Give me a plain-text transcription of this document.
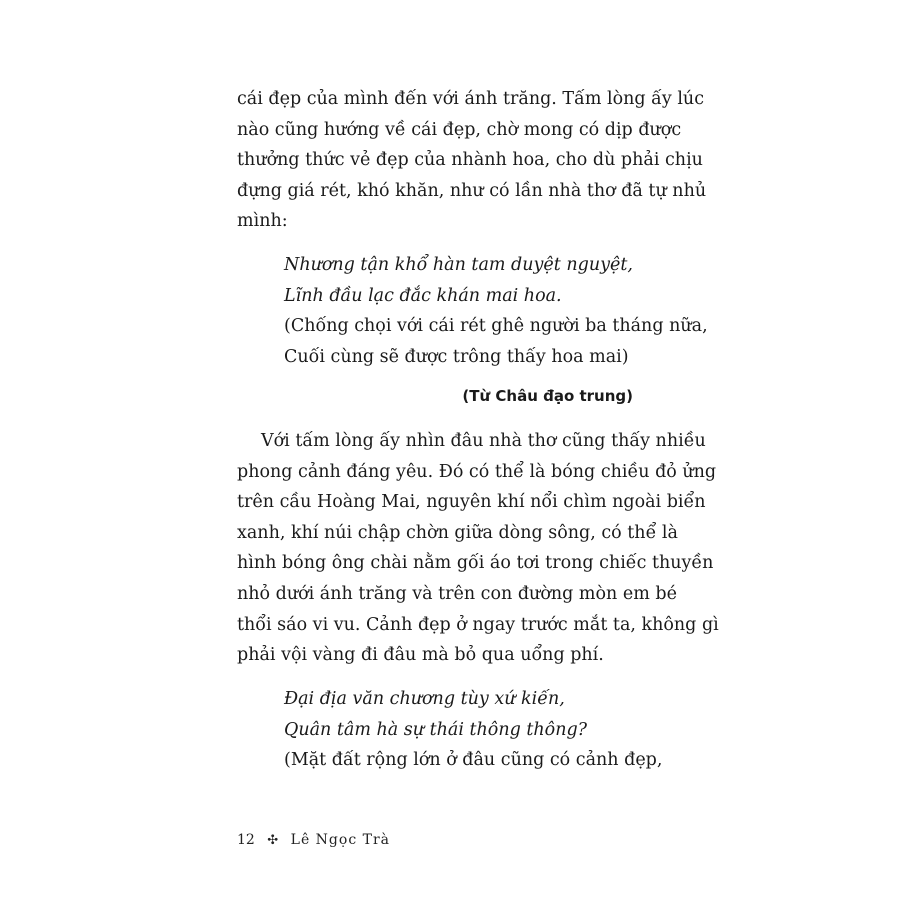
cái đẹp của mình đến với ánh trăng. Tấm lòng ấy lúc
nào cũng hướng về cái đẹp, chờ mong có dịp được
thưởng thức vẻ đẹp của nhành hoa, cho dù phải chịu
đựng giá rét, khó khăn, như có lần nhà thơ đã tự nhủ
mình:
Nhương tận khổ hàn tam duyệt nguyệt,
Lĩnh đầu lạc đắc khán mai hoa.
(Chống chọi với cái rét ghê người ba tháng nữa,
Cuối cùng sẽ được trông thấy hoa mai)
(Từ Châu đạo trung)
Với tấm lòng ấy nhìn đâu nhà thơ cũng thấy nhiều
phong cảnh đáng yêu. Đó có thể là bóng chiều đỏ ửng
trên cầu Hoàng Mai, nguyên khí nổi chìm ngoài biển
xanh, khí núi chập chờn giữa dòng sông, có thể là
hình bóng ông chài nằm gối áo tơi trong chiếc thuyền
nhỏ dưới ánh trăng và trên con đường mòn em bé
thổi sáo vi vu. Cảnh đẹp ở ngay trước mắt ta, không gì
phải vội vàng đi đâu mà bỏ qua uổng phí.
Đại địa văn chương tùy xứ kiến,
Quân tâm hà sự thái thông thông?
(Mặt đất rộng lớn ở đâu cũng có cảnh đẹp,
12 ✣ Lê Ngọc Trà
